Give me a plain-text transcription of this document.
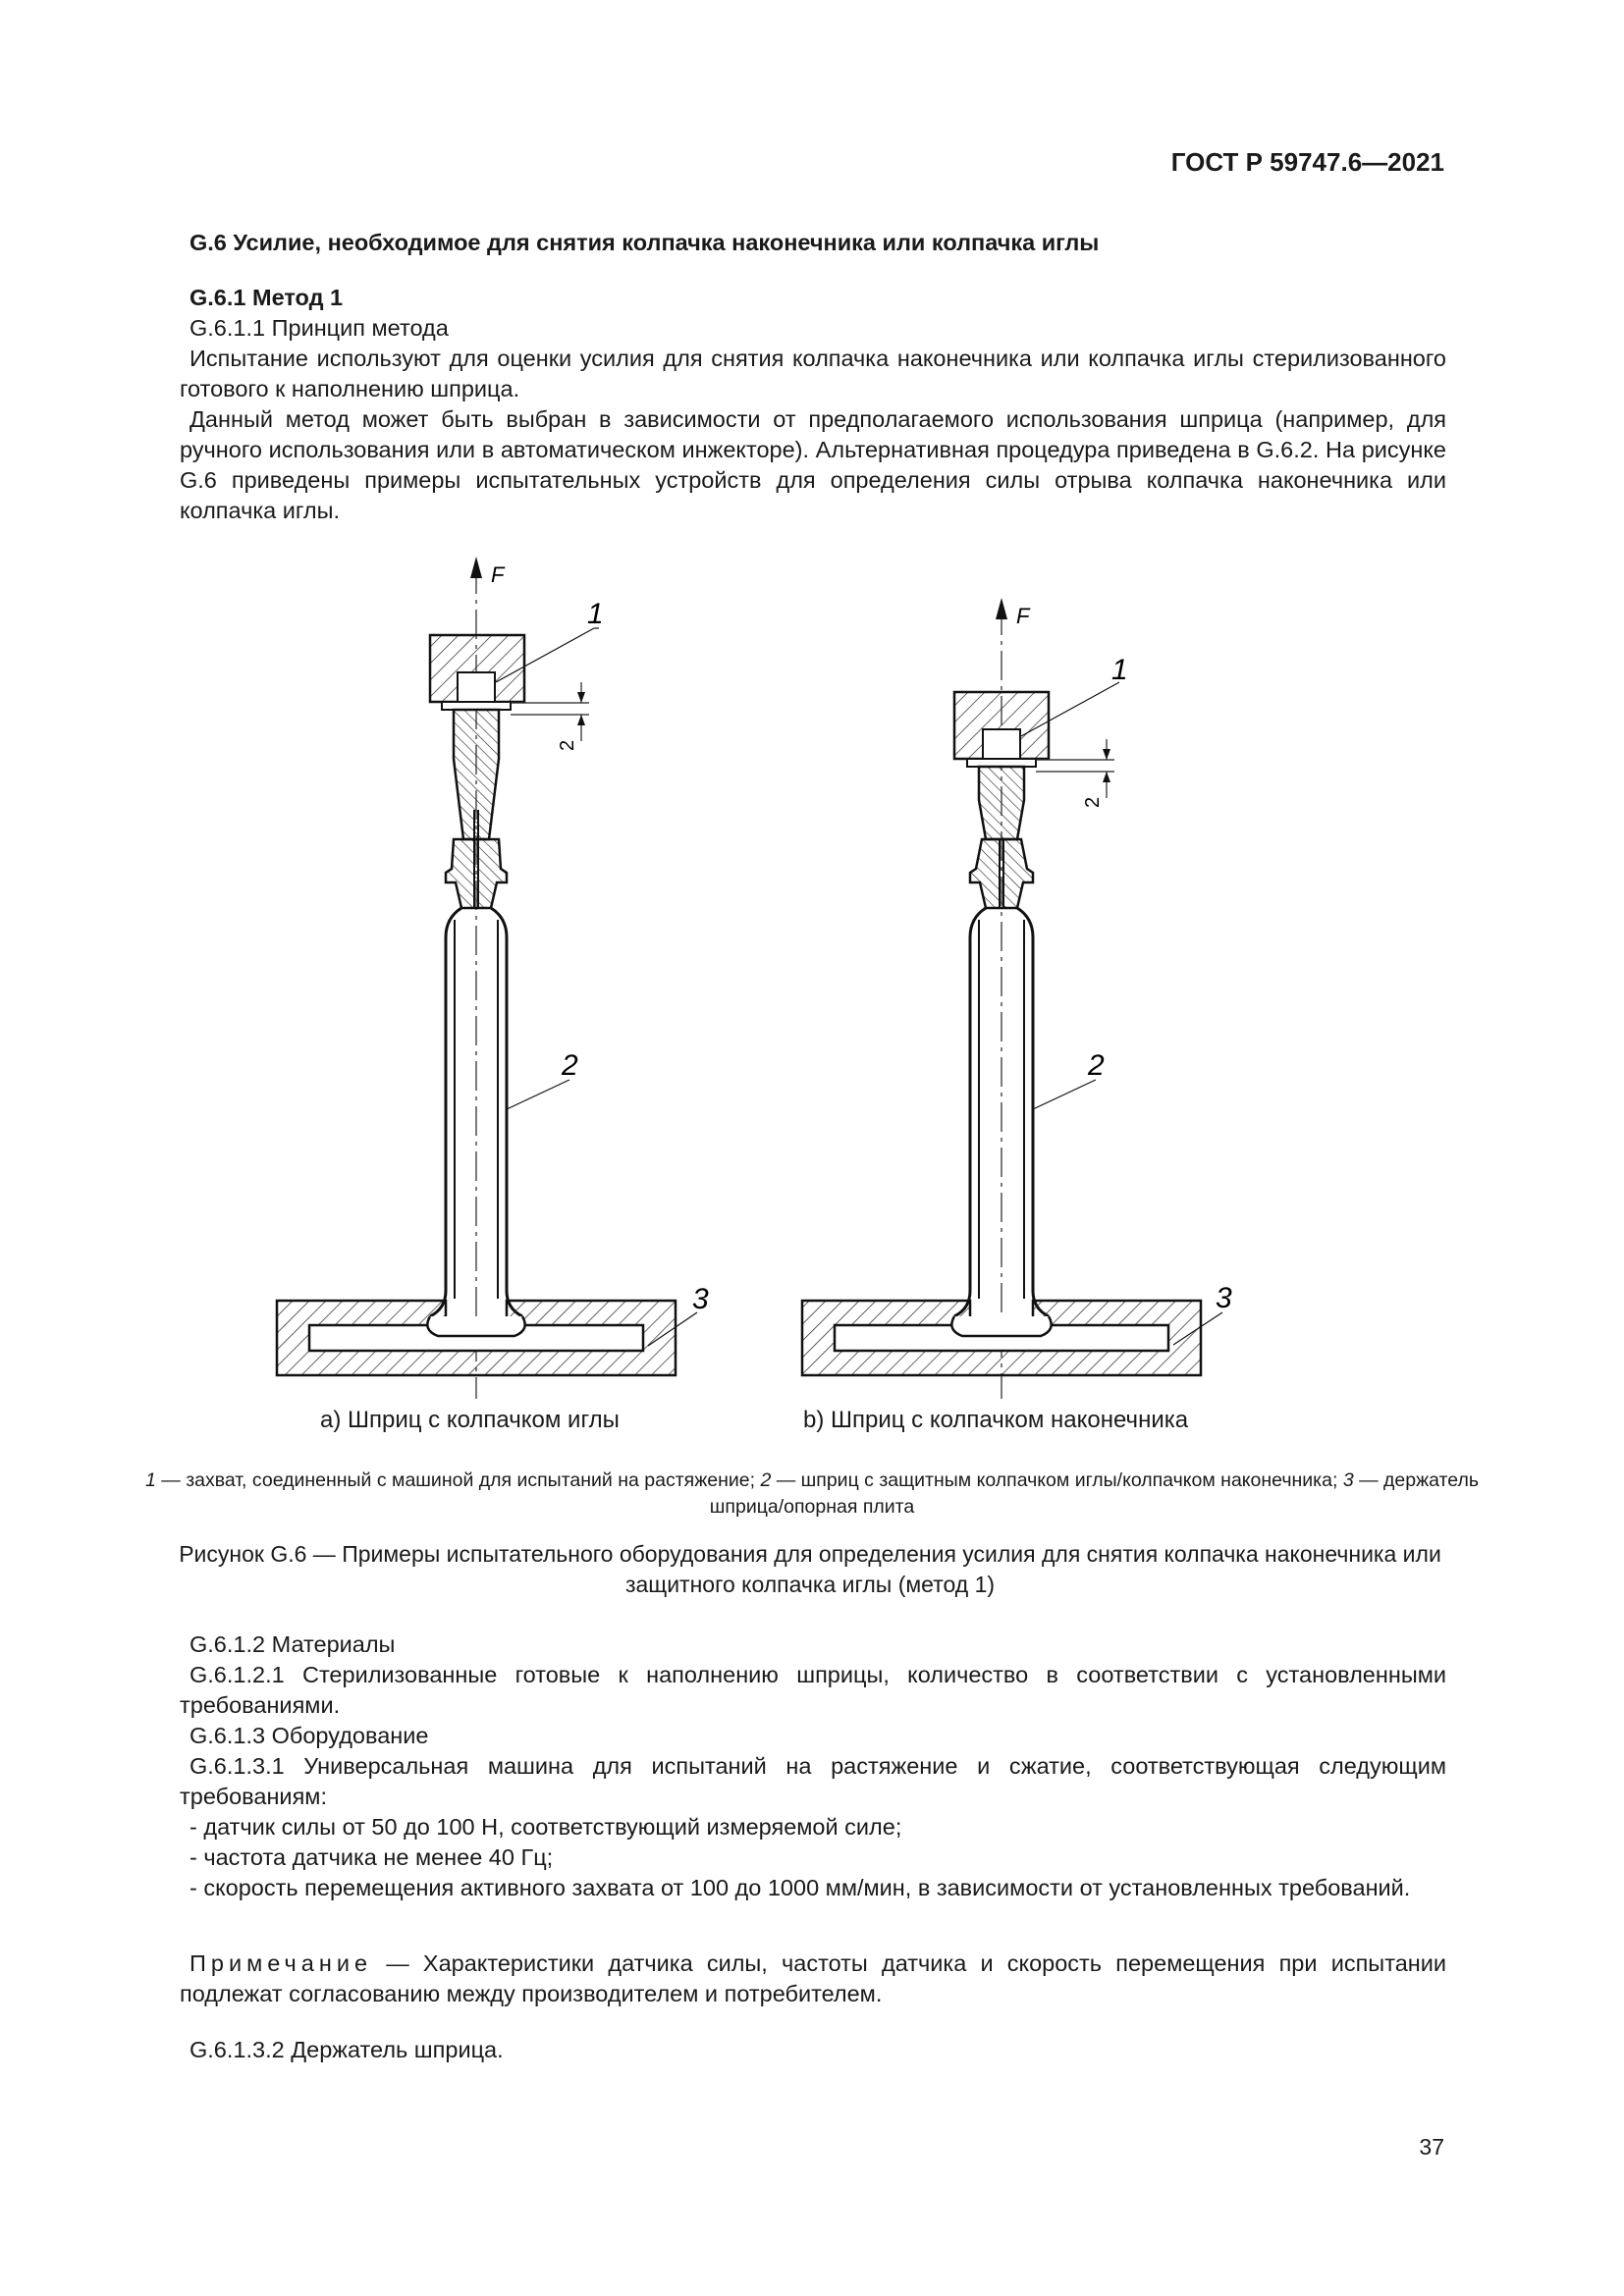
ГОСТ Р 59747.6—2021

G.6 Усилие, необходимое для снятия колпачка наконечника или колпачка иглы

G.6.1 Метод 1

G.6.1.1 Принцип метода

Испытание используют для оценки усилия для снятия колпачка наконечника или колпачка иглы стерилизованного готового к наполнению шприца.

Данный метод может быть выбран в зависимости от предполагаемого использования шприца (например, для ручного использования или в автоматическом инжекторе). Альтернативная процедура приведена в G.6.2. На рисунке G.6 приведены примеры испытательных устройств для определения силы отрыва колпачка наконечника или колпачка иглы.

F
2
1
2
3
F
2
1
2
3
a) Шприц с колпачком иглы	b) Шприц с колпачком наконечника
1 — захват, соединенный с машиной для испытаний на растяжение; 2 — шприц с защитным колпачком иглы/колпачком наконечника; 3 — держатель шприца/опорная плита
Рисунок G.6 — Примеры испытательного оборудования для определения усилия для снятия колпачка наконечника или защитного колпачка иглы (метод 1)

G.6.1.2 Материалы

G.6.1.2.1 Стерилизованные готовые к наполнению шприцы, количество в соответствии с установленными требованиями.

G.6.1.3 Оборудование

G.6.1.3.1 Универсальная машина для испытаний на растяжение и сжатие, соответствующая следующим требованиям:

- датчик силы от 50 до 100 Н, соответствующий измеряемой силе;

- частота датчика не менее 40 Гц;

- скорость перемещения активного захвата от 100 до 1000 мм/мин, в зависимости от установленных требований.

Примечание — Характеристики датчика силы, частоты датчика и скорость перемещения при испытании подлежат согласованию между производителем и потребителем.

G.6.1.3.2 Держатель шприца.

37
